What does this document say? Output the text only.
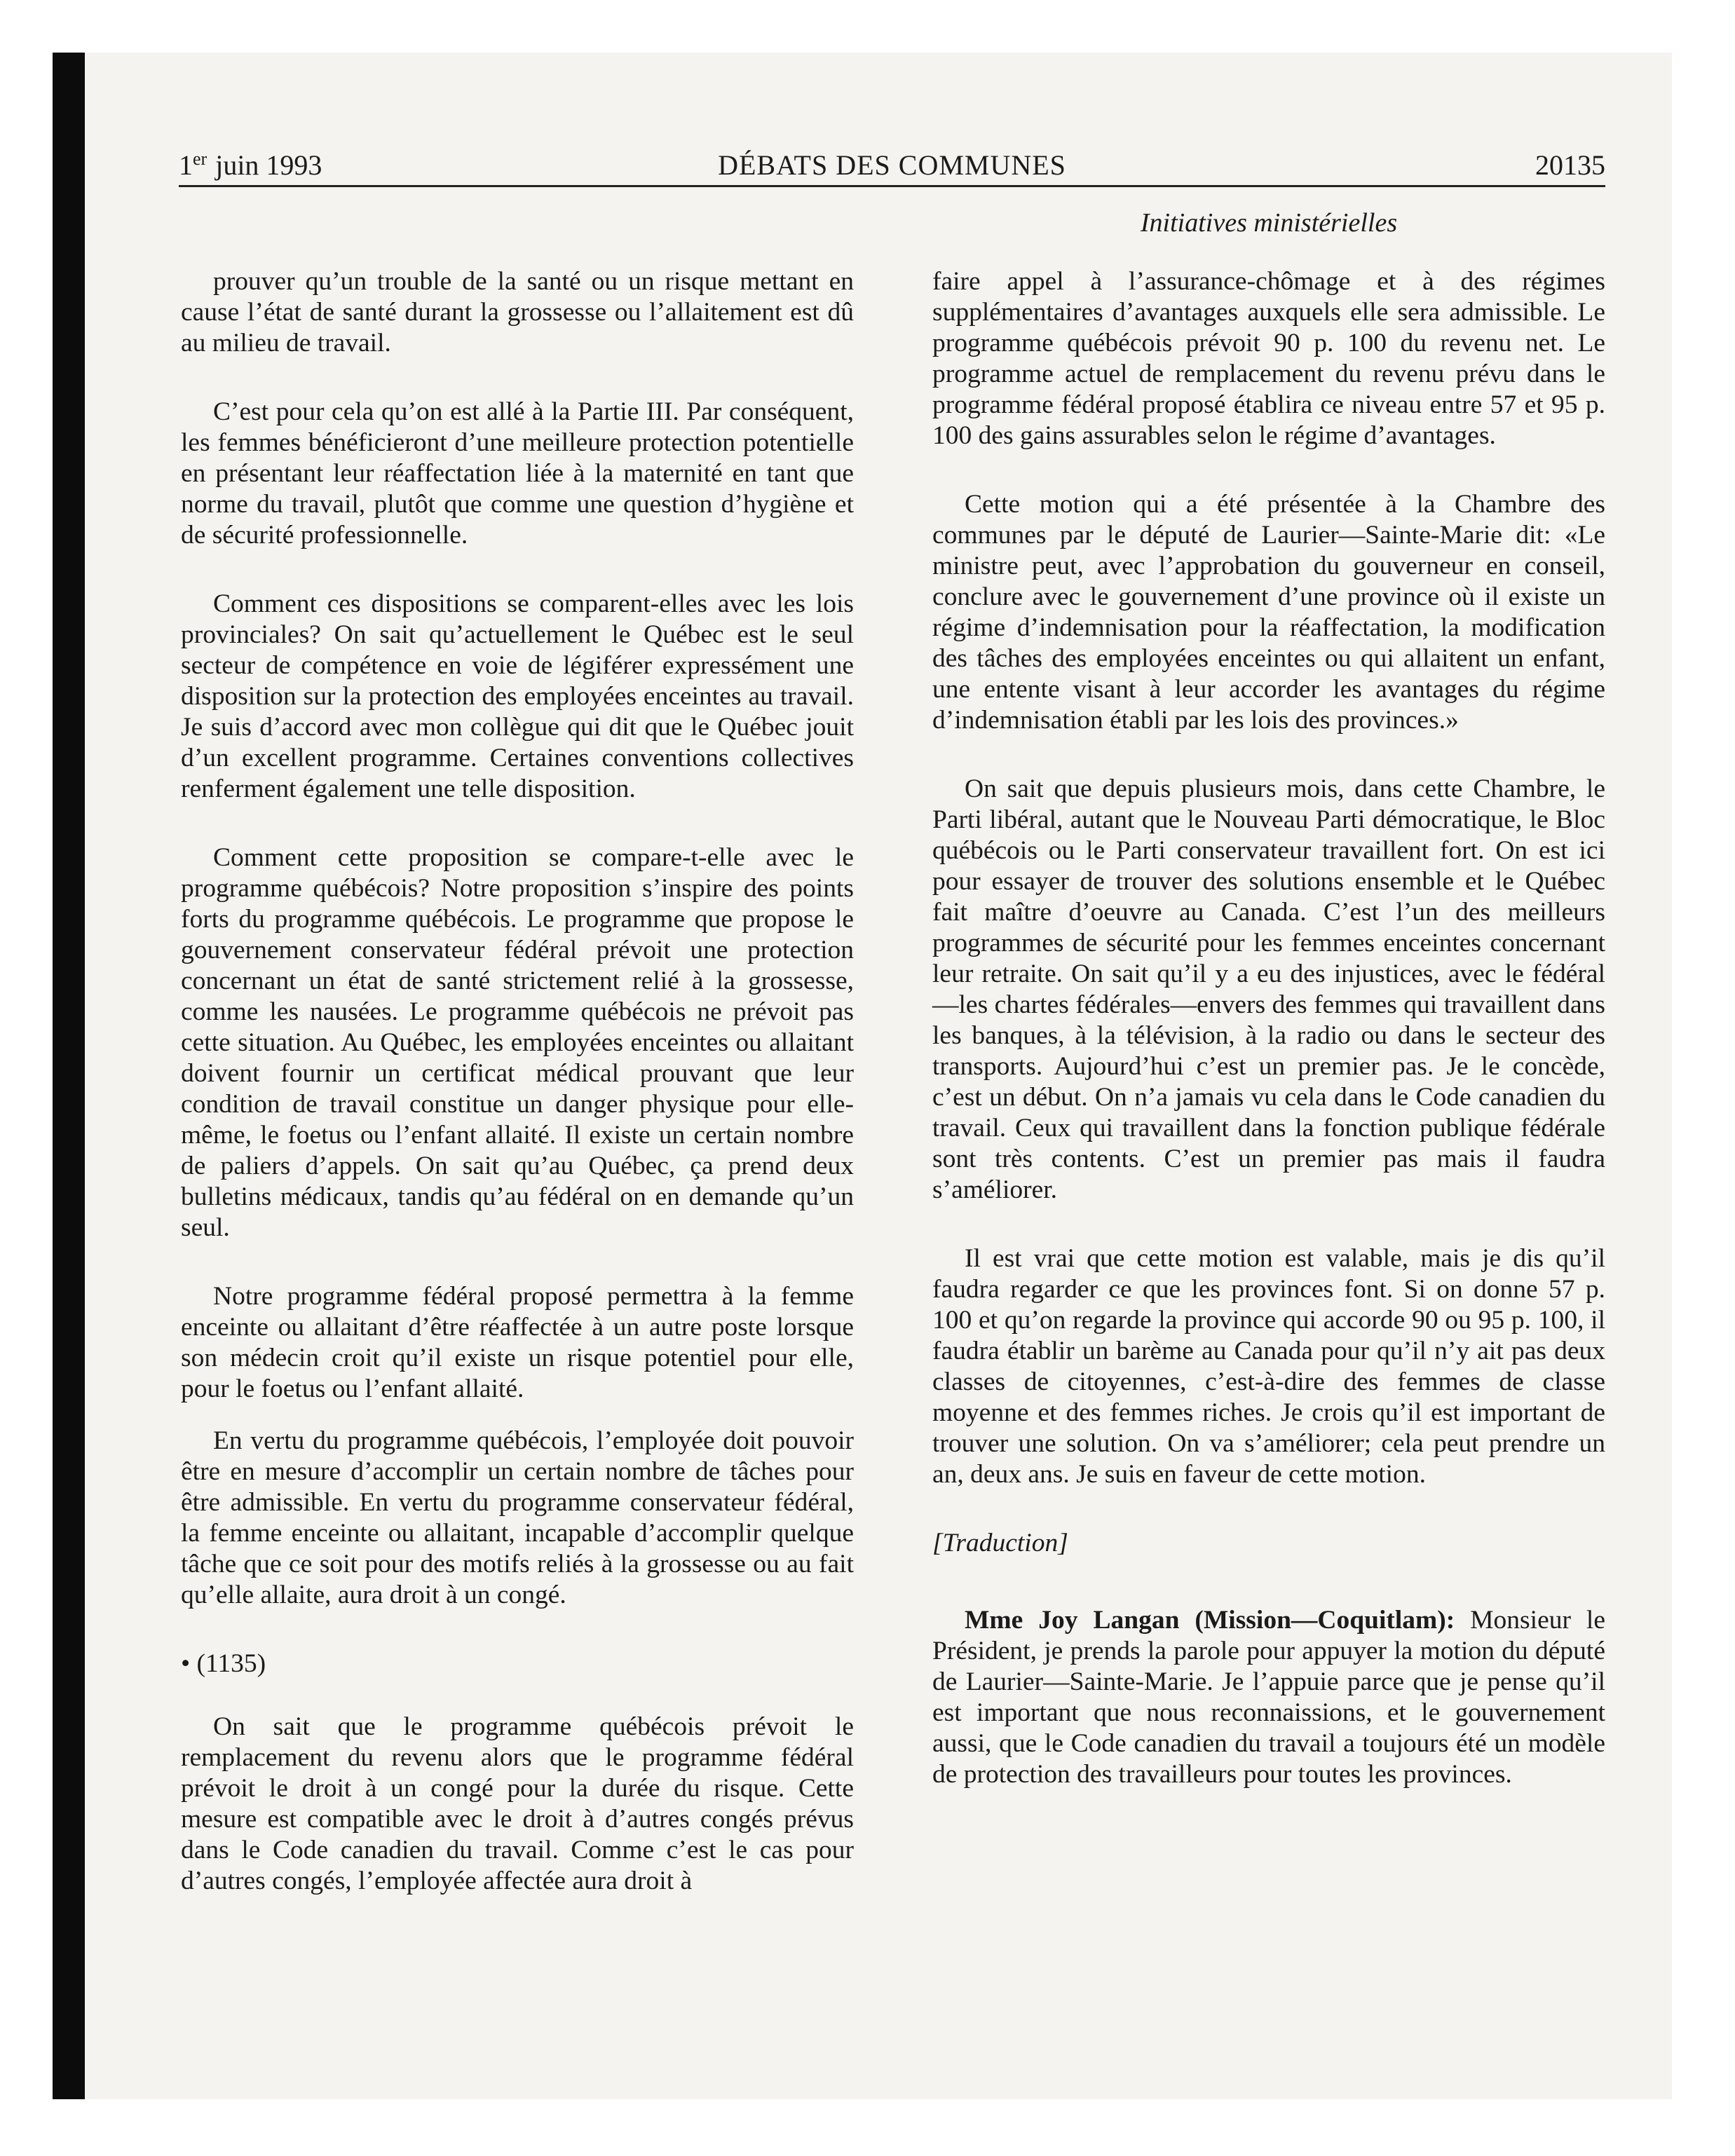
1er juin 1993	DÉBATS DES COMMUNES	20135
Initiatives ministérielles

prouver qu’un trouble de la santé ou un risque mettant en cause l’état de santé durant la grossesse ou l’allaitement est dû au milieu de travail.

C’est pour cela qu’on est allé à la Partie III. Par conséquent, les femmes bénéficieront d’une meilleure protection potentielle en présentant leur réaffectation liée à la maternité en tant que norme du travail, plutôt que comme une question d’hygiène et de sécurité professionnelle.

Comment ces dispositions se comparent-elles avec les lois provinciales? On sait qu’actuellement le Québec est le seul secteur de compétence en voie de légiférer expressément une disposition sur la protection des employées enceintes au travail. Je suis d’accord avec mon collègue qui dit que le Québec jouit d’un excellent programme. Certaines conventions collectives renferment également une telle disposition.

Comment cette proposition se compare-t-elle avec le programme québécois? Notre proposition s’inspire des points forts du programme québécois. Le programme que propose le gouvernement conservateur fédéral prévoit une protection concernant un état de santé strictement relié à la grossesse, comme les nausées. Le programme québécois ne prévoit pas cette situation. Au Québec, les employées enceintes ou allaitant doivent fournir un certificat médical prouvant que leur condition de travail constitue un danger physique pour elle-même, le foetus ou l’enfant allaité. Il existe un certain nombre de paliers d’appels. On sait qu’au Québec, ça prend deux bulletins médicaux, tandis qu’au fédéral on en demande qu’un seul.

Notre programme fédéral proposé permettra à la femme enceinte ou allaitant d’être réaffectée à un autre poste lorsque son médecin croit qu’il existe un risque potentiel pour elle, pour le foetus ou l’enfant allaité.

En vertu du programme québécois, l’employée doit pouvoir être en mesure d’accomplir un certain nombre de tâches pour être admissible. En vertu du programme conservateur fédéral, la femme enceinte ou allaitant, incapable d’accomplir quelque tâche que ce soit pour des motifs reliés à la grossesse ou au fait qu’elle allaite, aura droit à un congé.

• (1135)

On sait que le programme québécois prévoit le remplacement du revenu alors que le programme fédéral prévoit le droit à un congé pour la durée du risque. Cette mesure est compatible avec le droit à d’autres congés prévus dans le Code canadien du travail. Comme c’est le cas pour d’autres congés, l’employée affectée aura droit à

faire appel à l’assurance-chômage et à des régimes supplémentaires d’avantages auxquels elle sera admissible. Le programme québécois prévoit 90 p. 100 du revenu net. Le programme actuel de remplacement du revenu prévu dans le programme fédéral proposé établira ce niveau entre 57 et 95 p. 100 des gains assurables selon le régime d’avantages.

Cette motion qui a été présentée à la Chambre des communes par le député de Laurier—Sainte-Marie dit: «Le ministre peut, avec l’approbation du gouverneur en conseil, conclure avec le gouvernement d’une province où il existe un régime d’indemnisation pour la réaffectation, la modification des tâches des employées enceintes ou qui allaitent un enfant, une entente visant à leur accorder les avantages du régime d’indemnisation établi par les lois des provinces.»

On sait que depuis plusieurs mois, dans cette Chambre, le Parti libéral, autant que le Nouveau Parti démocratique, le Bloc québécois ou le Parti conservateur travaillent fort. On est ici pour essayer de trouver des solutions ensemble et le Québec fait maître d’oeuvre au Canada. C’est l’un des meilleurs programmes de sécurité pour les femmes enceintes concernant leur retraite. On sait qu’il y a eu des injustices, avec le fédéral—les chartes fédérales—envers des femmes qui travaillent dans les banques, à la télévision, à la radio ou dans le secteur des transports. Aujourd’hui c’est un premier pas. Je le concède, c’est un début. On n’a jamais vu cela dans le Code canadien du travail. Ceux qui travaillent dans la fonction publique fédérale sont très contents. C’est un premier pas mais il faudra s’améliorer.

Il est vrai que cette motion est valable, mais je dis qu’il faudra regarder ce que les provinces font. Si on donne 57 p. 100 et qu’on regarde la province qui accorde 90 ou 95 p. 100, il faudra établir un barème au Canada pour qu’il n’y ait pas deux classes de citoyennes, c’est-à-dire des femmes de classe moyenne et des femmes riches. Je crois qu’il est important de trouver une solution. On va s’améliorer; cela peut prendre un an, deux ans. Je suis en faveur de cette motion.

[Traduction]

Mme Joy Langan (Mission—Coquitlam): Monsieur le Président, je prends la parole pour appuyer la motion du député de Laurier—Sainte-Marie. Je l’appuie parce que je pense qu’il est important que nous reconnaissions, et le gouvernement aussi, que le Code canadien du travail a toujours été un modèle de protection des travailleurs pour toutes les provinces.
